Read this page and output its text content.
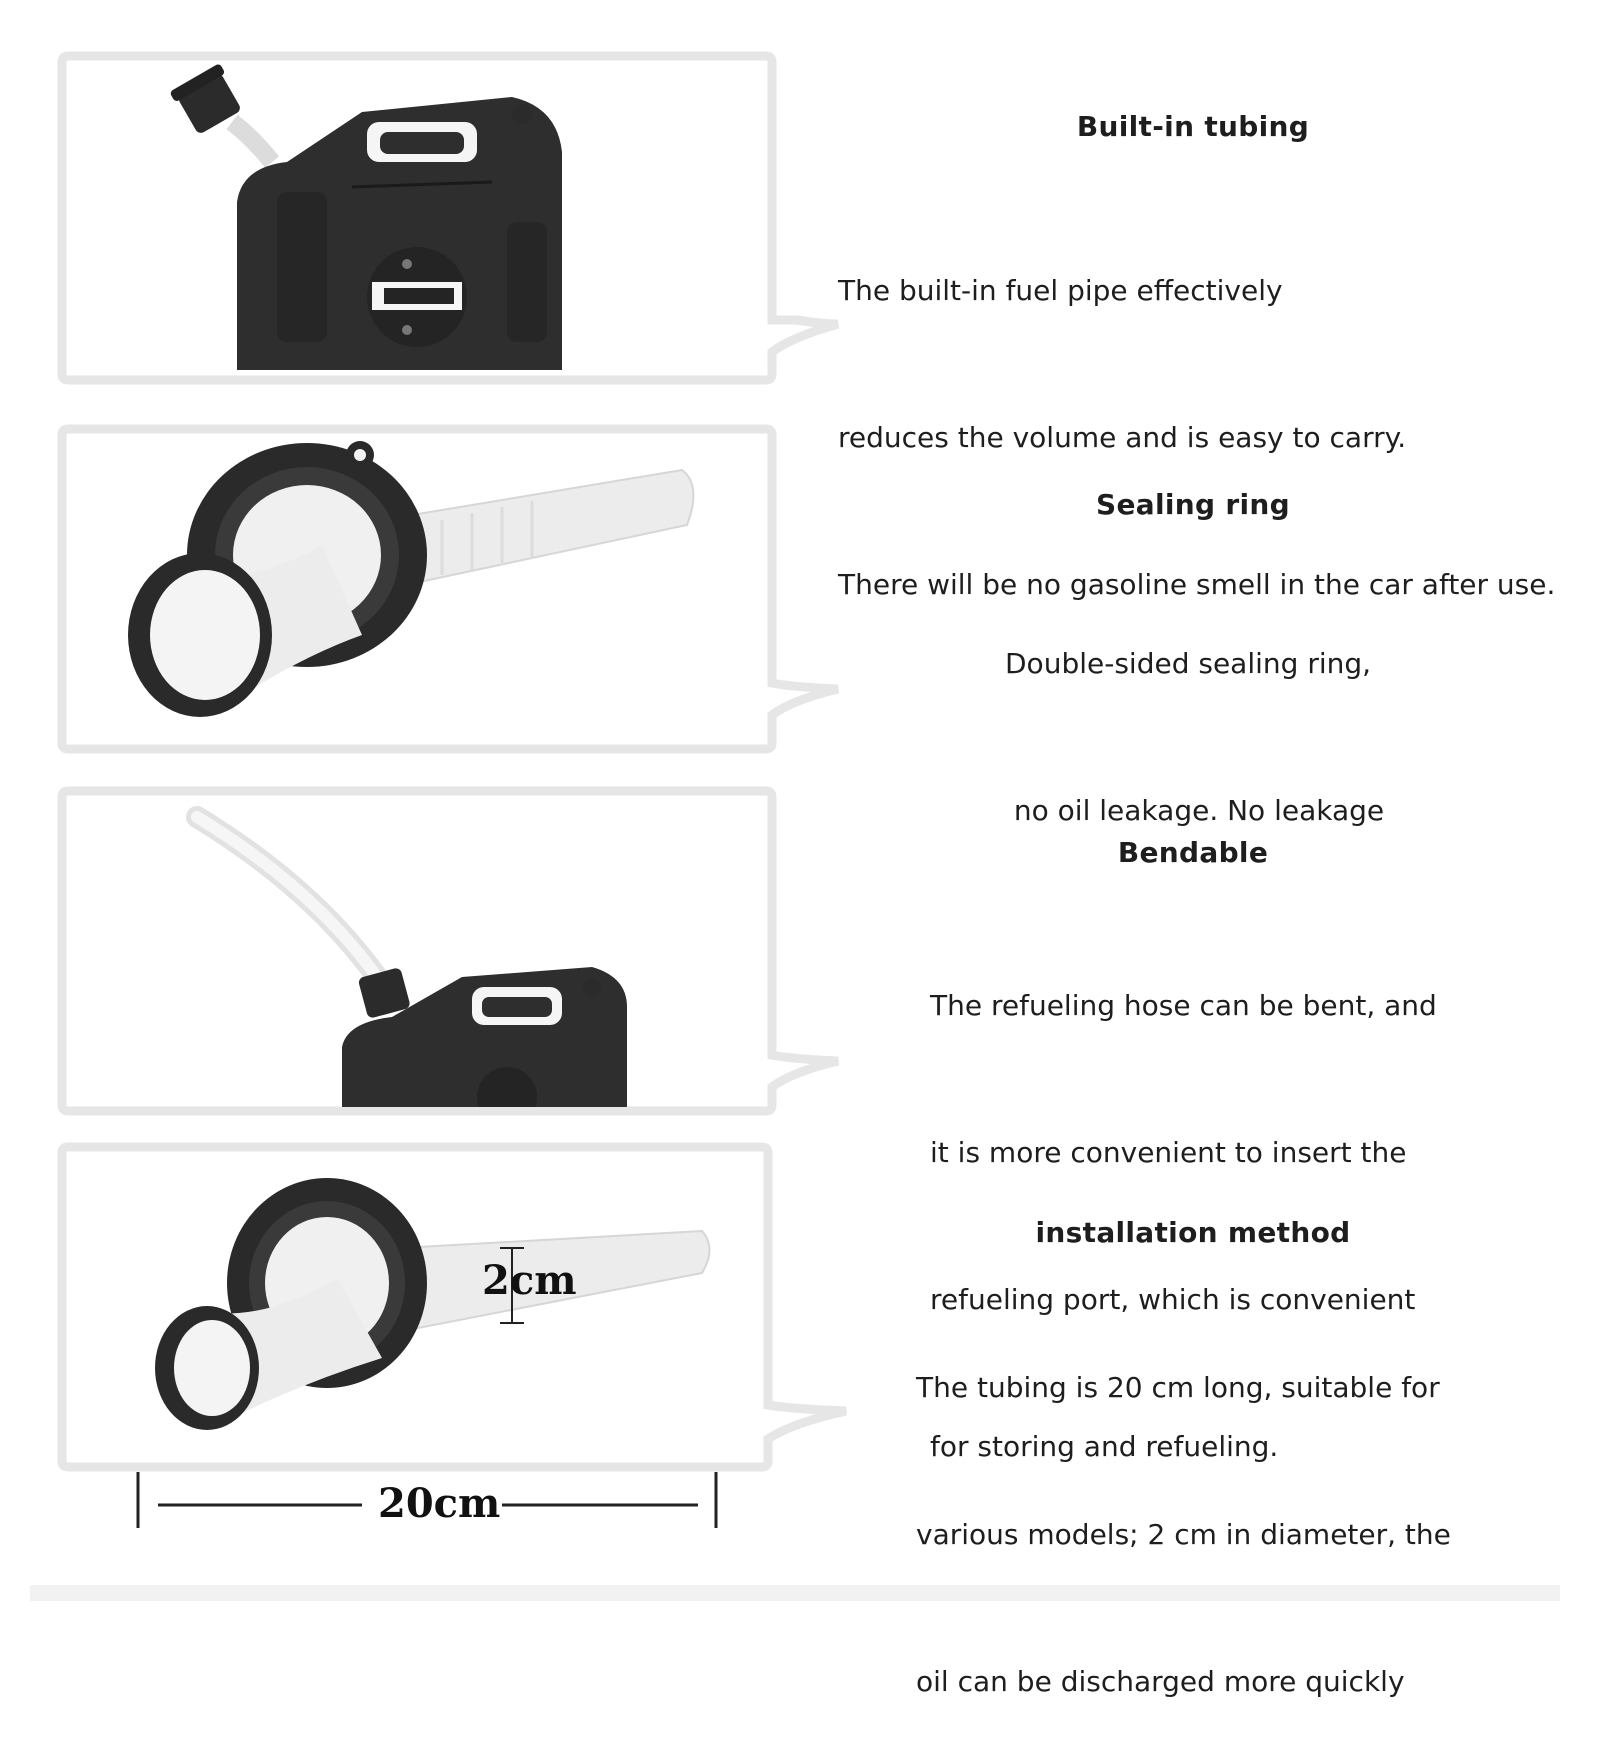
2cm
20cm
Built-in tubing

The built-in fuel pipe effectively

reduces the volume and is easy to carry.

There will be no gasoline smell in the car after use.

Sealing ring

Double-sided sealing ring,

no oil leakage. No leakage

Bendable

The refueling hose can be bent, and

it is more convenient to insert the

refueling port, which is convenient

for storing and refueling.

installation method

The tubing is 20 cm long, suitable for

various models; 2 cm in diameter, the

oil can be discharged more quickly
